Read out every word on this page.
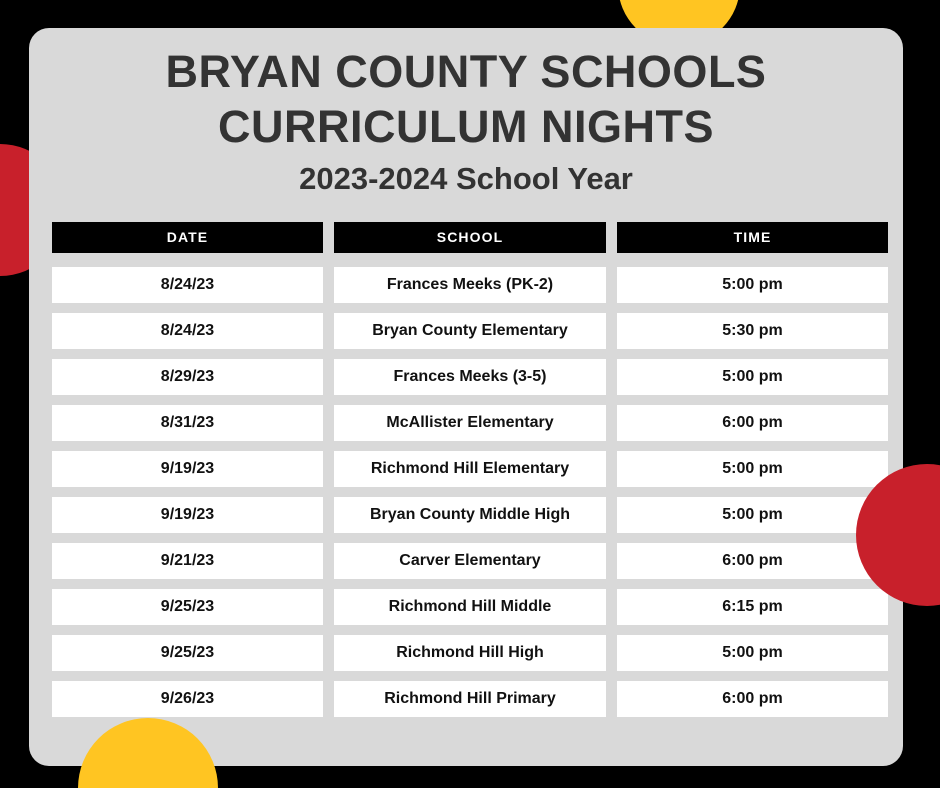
BRYAN COUNTY SCHOOLS
CURRICULUM NIGHTS
2023-2024 School Year
DATE	SCHOOL	TIME
8/24/23	Frances Meeks (PK-2)	5:00 pm
8/24/23	Bryan County Elementary	5:30 pm
8/29/23	Frances Meeks (3-5)	5:00 pm
8/31/23	McAllister Elementary	6:00 pm
9/19/23	Richmond Hill Elementary	5:00 pm
9/19/23	Bryan County Middle High	5:00 pm
9/21/23	Carver Elementary	6:00 pm
9/25/23	Richmond Hill Middle	6:15 pm
9/25/23	Richmond Hill High	5:00 pm
9/26/23	Richmond Hill Primary	6:00 pm
